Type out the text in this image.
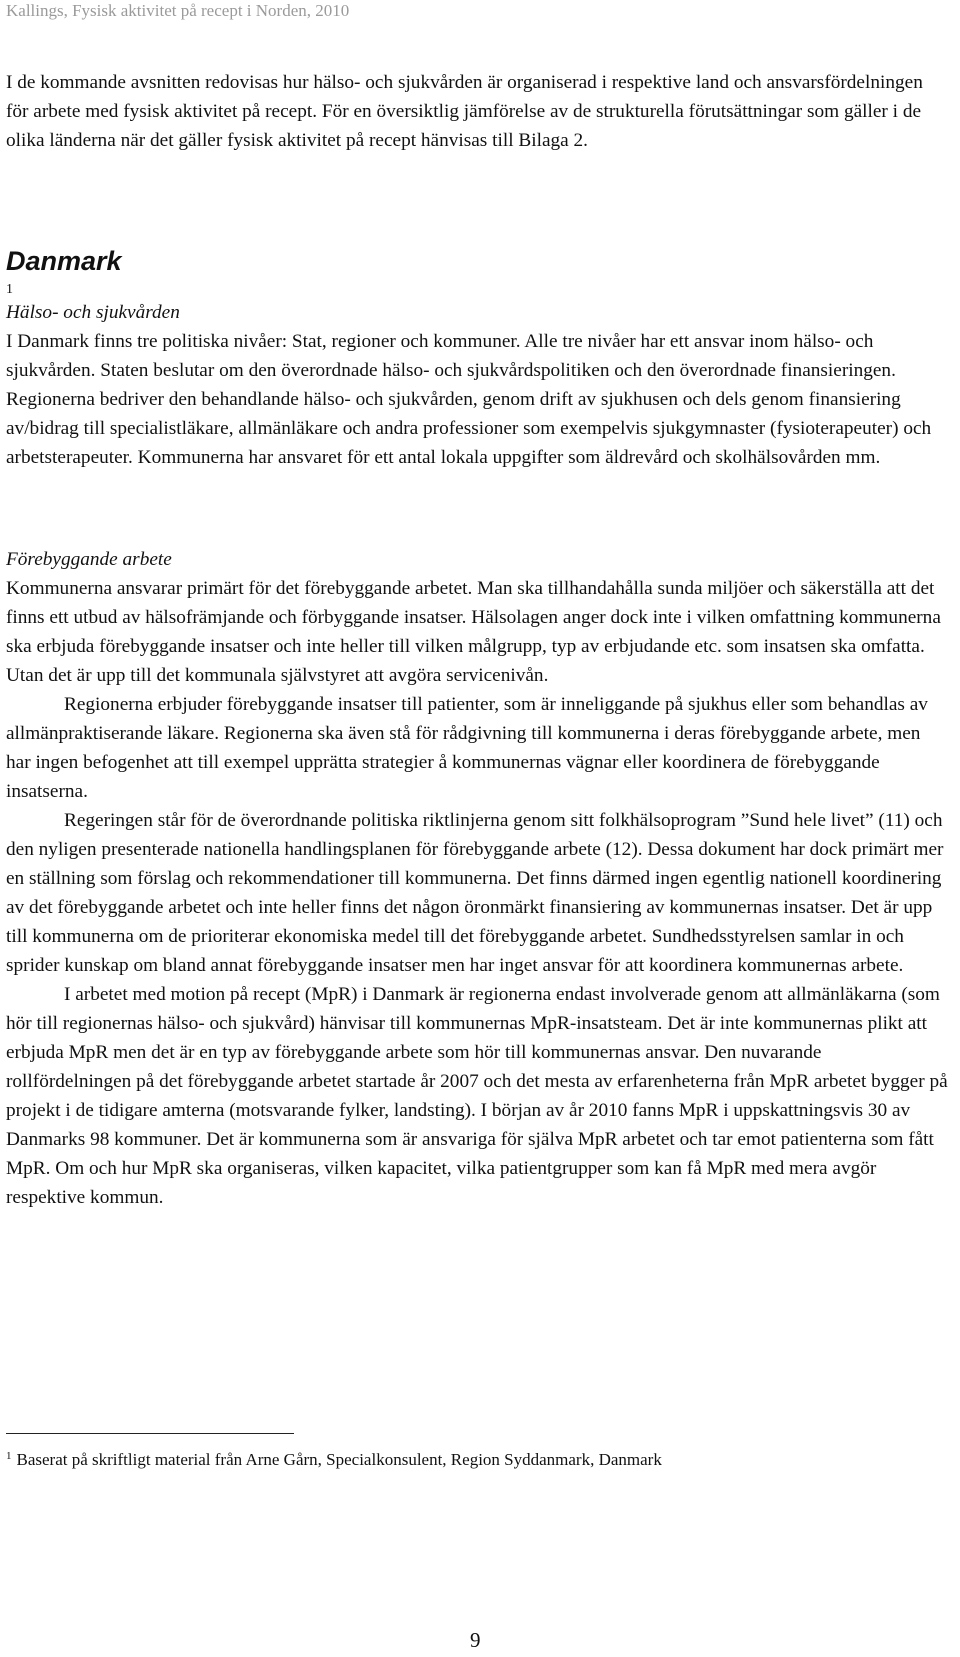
Kallings, Fysisk aktivitet på recept i Norden, 2010

I de kommande avsnitten redovisas hur hälso- och sjukvården är organiserad i respektive land och ansvarsfördelningen för arbete med fysisk aktivitet på recept. För en översiktlig jämförelse av de strukturella förutsättningar som gäller i de olika länderna när det gäller fysisk aktivitet på recept hänvisas till Bilaga 2.

Danmark
1

Hälso- och sjukvården

I Danmark finns tre politiska nivåer: Stat, regioner och kommuner. Alle tre nivåer har ett ansvar inom hälso- och sjukvården. Staten beslutar om den överordnade hälso- och sjukvårdspolitiken och den överordnade finansieringen. Regionerna bedriver den behandlande hälso- och sjukvården, genom drift av sjukhusen och dels genom finansiering av/bidrag till specialistläkare, allmänläkare och andra professioner som exempelvis sjukgymnaster (fysioterapeuter) och arbetsterapeuter. Kommunerna har ansvaret för ett antal lokala uppgifter som äldrevård och skolhälsovården mm.

Förebyggande arbete

Kommunerna ansvarar primärt för det förebyggande arbetet. Man ska tillhandahålla sunda miljöer och säkerställa att det finns ett utbud av hälsofrämjande och förbyggande insatser. Hälsolagen anger dock inte i vilken omfattning kommunerna ska erbjuda förebyggande insatser och inte heller till vilken målgrupp, typ av erbjudande etc. som insatsen ska omfatta. Utan det är upp till det kommunala självstyret att avgöra servicenivån.

Regionerna erbjuder förebyggande insatser till patienter, som är inneliggande på sjukhus eller som behandlas av allmänpraktiserande läkare. Regionerna ska även stå för rådgivning till kommunerna i deras förebyggande arbete, men har ingen befogenhet att till exempel upprätta strategier å kommunernas vägnar eller koordinera de förebyggande insatserna.

Regeringen står för de överordnande politiska riktlinjerna genom sitt folkhälsoprogram ”Sund hele livet” (11) och den nyligen presenterade nationella handlingsplanen för förebyggande arbete (12). Dessa dokument har dock primärt mer en ställning som förslag och rekommendationer till kommunerna. Det finns därmed ingen egentlig nationell koordinering av det förebyggande arbetet och inte heller finns det någon öronmärkt finansiering av kommunernas insatser. Det är upp till kommunerna om de prioriterar ekonomiska medel till det förebyggande arbetet. Sundhedsstyrelsen samlar in och sprider kunskap om bland annat förebyggande insatser men har inget ansvar för att koordinera kommunernas arbete.

I arbetet med motion på recept (MpR) i Danmark är regionerna endast involverade genom att allmänläkarna (som hör till regionernas hälso- och sjukvård) hänvisar till kommunernas MpR-insatsteam. Det är inte kommunernas plikt att erbjuda MpR men det är en typ av förebyggande arbete som hör till kommunernas ansvar. Den nuvarande rollfördelningen på det förebyggande arbetet startade år 2007 och det mesta av erfarenheterna från MpR arbetet bygger på projekt i de tidigare amterna (motsvarande fylker, landsting). I början av år 2010 fanns MpR i uppskattningsvis 30 av Danmarks 98 kommuner. Det är kommunerna som är ansvariga för själva MpR arbetet och tar emot patienterna som fått MpR. Om och hur MpR ska organiseras, vilken kapacitet, vilka patientgrupper som kan få MpR med mera avgör respektive kommun.

$^1$ Baserat på skriftligt material från Arne Gårn, Specialkonsulent, Region Syddanmark, Danmark
9
